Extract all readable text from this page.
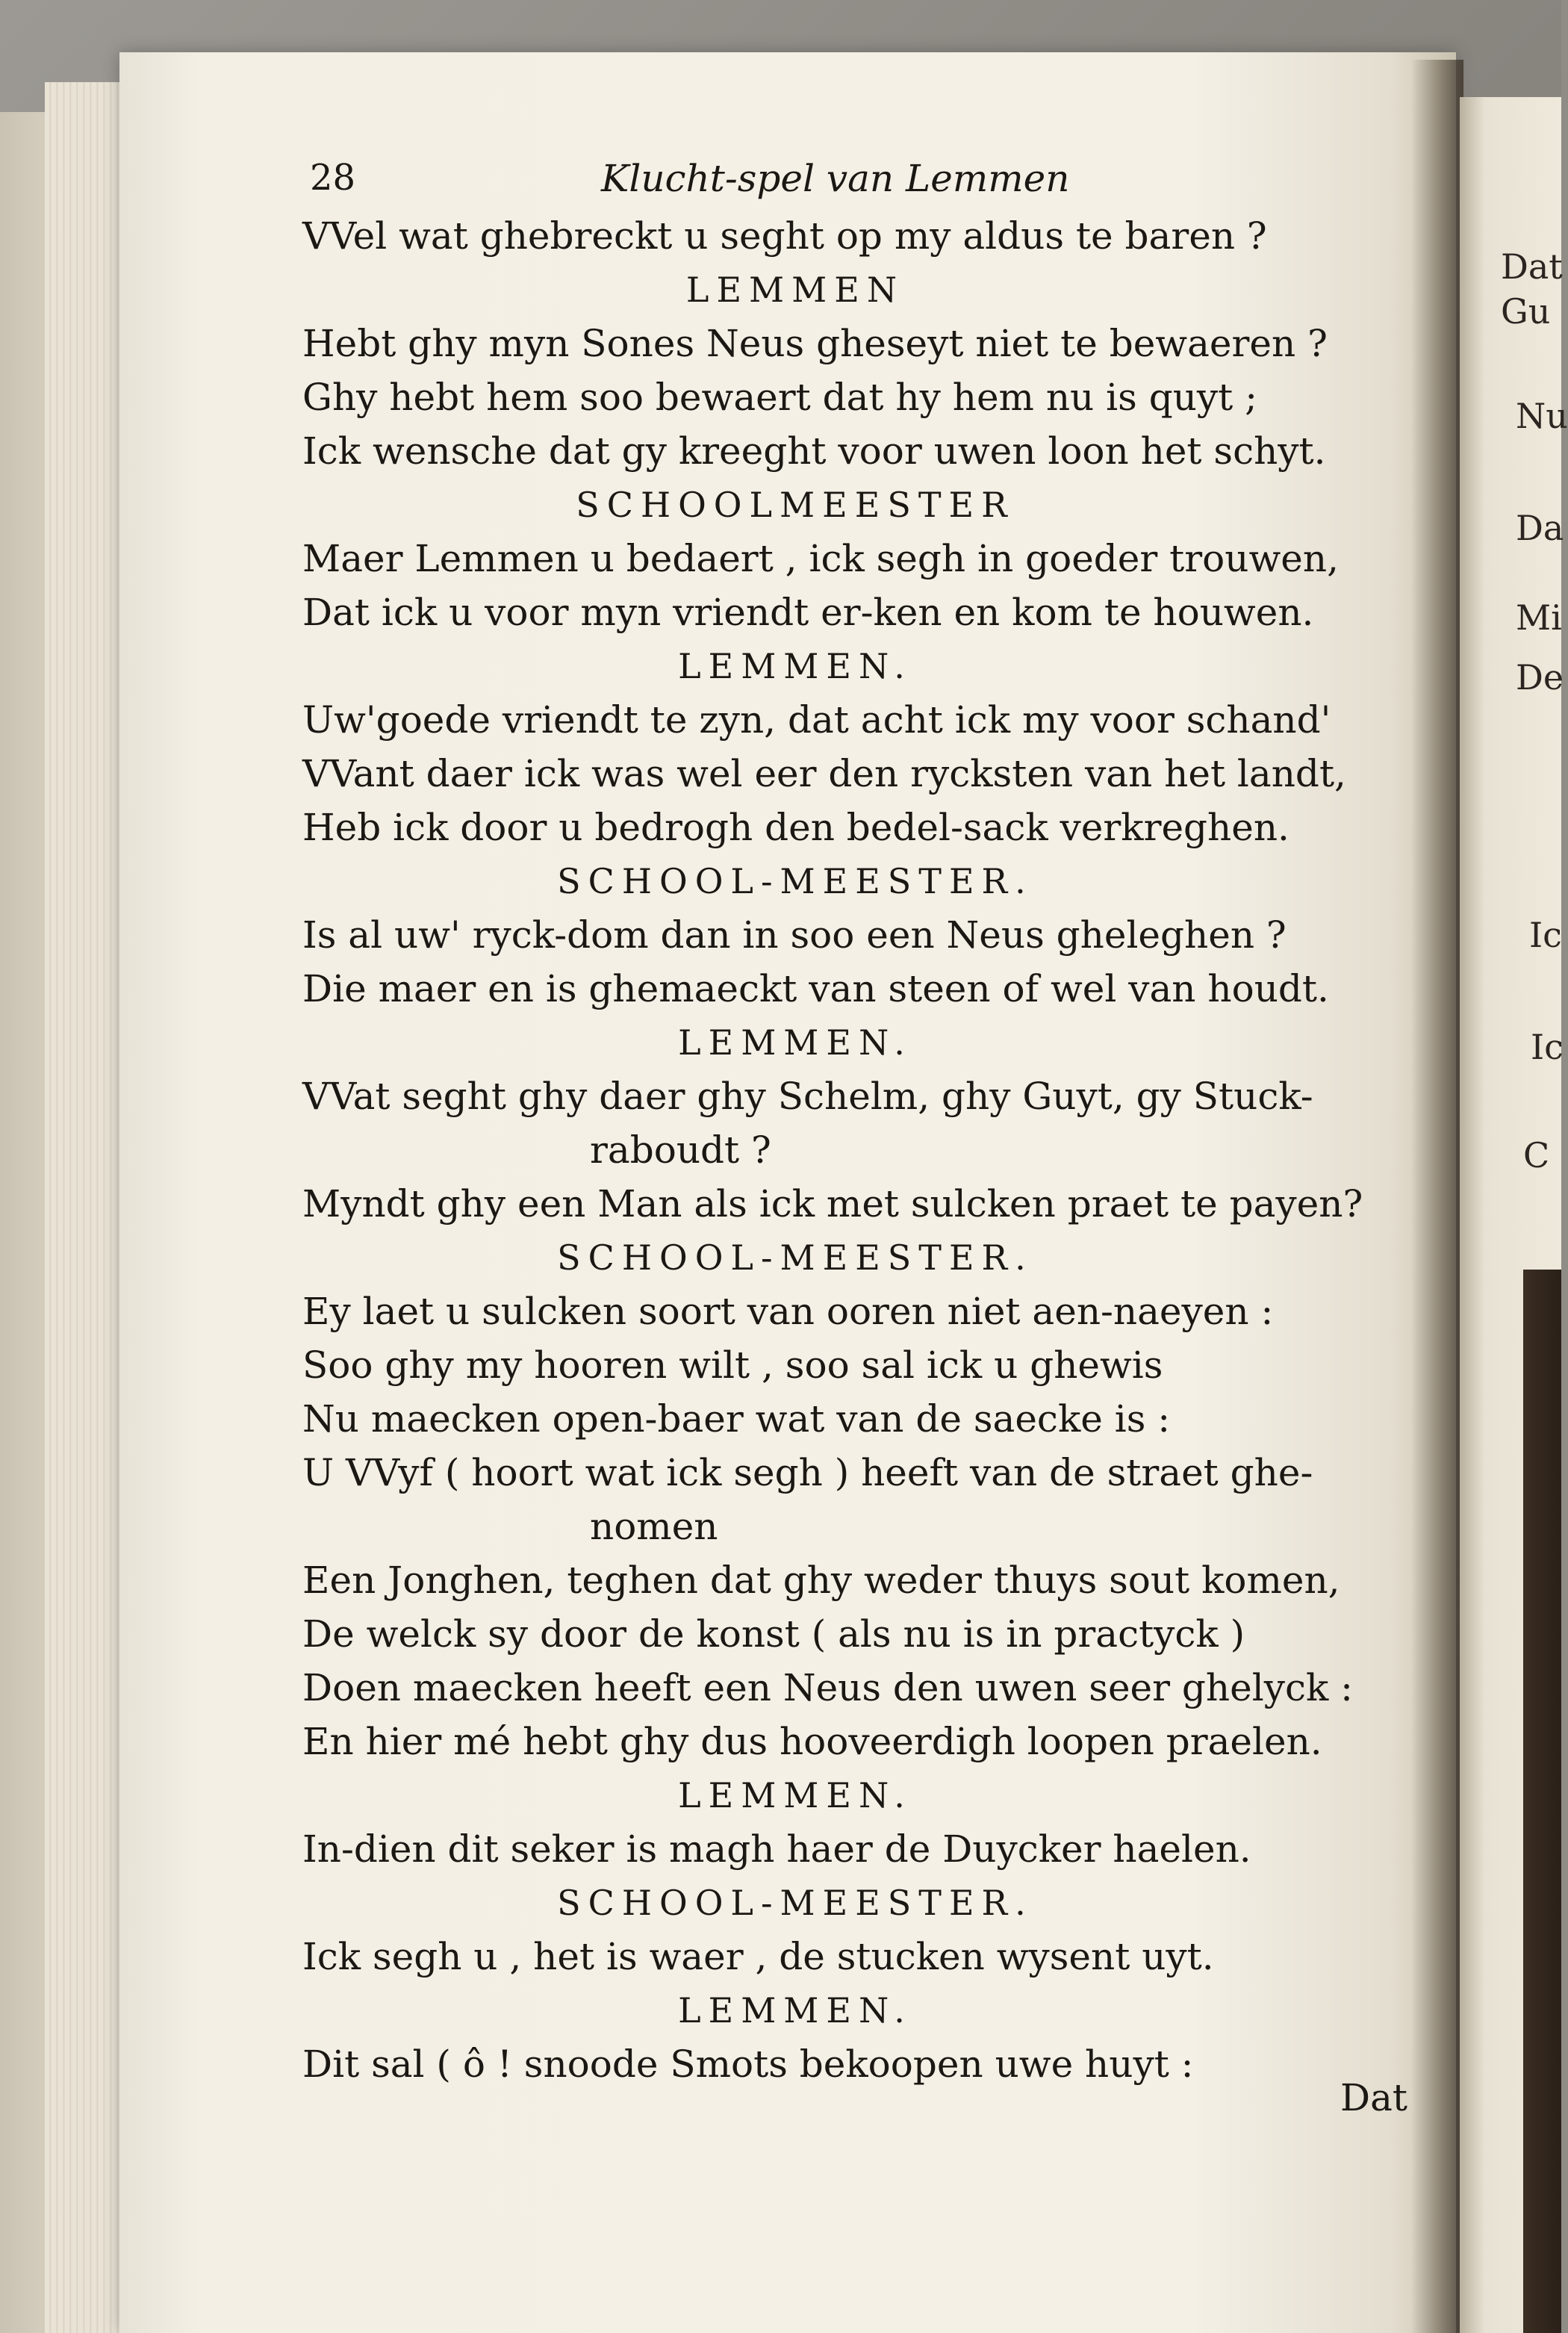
28	Klucht-spel van Lemmen
VVel wat ghebreckt u seght op my aldus te baren ?
LEMMEN
Hebt ghy myn Sones Neus gheseyt niet te bewaeren ?
Ghy hebt hem soo bewaert dat hy hem nu is quyt ;
Ick wensche dat gy kreeght voor uwen loon het schyt.
SCHOOLMEESTER
Maer Lemmen u bedaert , ick segh in goeder trouwen,
Dat ick u voor myn vriendt er-ken en kom te houwen.
LEMMEN.
Uw'goede vriendt te zyn, dat acht ick my voor schand'
VVant daer ick was wel eer den rycksten van het landt,
Heb ick door u bedrogh den bedel-sack verkreghen.
SCHOOL-MEESTER.
Is al uw' ryck-dom dan in soo een Neus gheleghen ?
Die maer en is ghemaeckt van steen of wel van houdt.
LEMMEN.
VVat seght ghy daer ghy Schelm, ghy Guyt, gy Stuck-
raboudt ?
Myndt ghy een Man als ick met sulcken praet te payen?
SCHOOL-MEESTER.
Ey laet u sulcken soort van ooren niet aen-naeyen :
Soo ghy my hooren wilt , soo sal ick u ghewis
Nu maecken open-baer wat van de saecke is :
U VVyf ( hoort wat ick segh ) heeft van de straet ghe-
nomen
Een Jonghen, teghen dat ghy weder thuys sout komen,
De welck sy door de konst ( als nu is in practyck )
Doen maecken heeft een Neus den uwen seer ghelyck :
En hier mé hebt ghy dus hooveerdigh loopen praelen.
LEMMEN.
In-dien dit seker is magh haer de Duycker haelen.
SCHOOL-MEESTER.
Ick segh u , het is waer , de stucken wysent uyt.
LEMMEN.
Dit sal ( ô ! snoode Smots bekoopen uwe huyt :
Dat
Dat
Gu
Nu
Da
Mi
De
Ic
Ic
C
